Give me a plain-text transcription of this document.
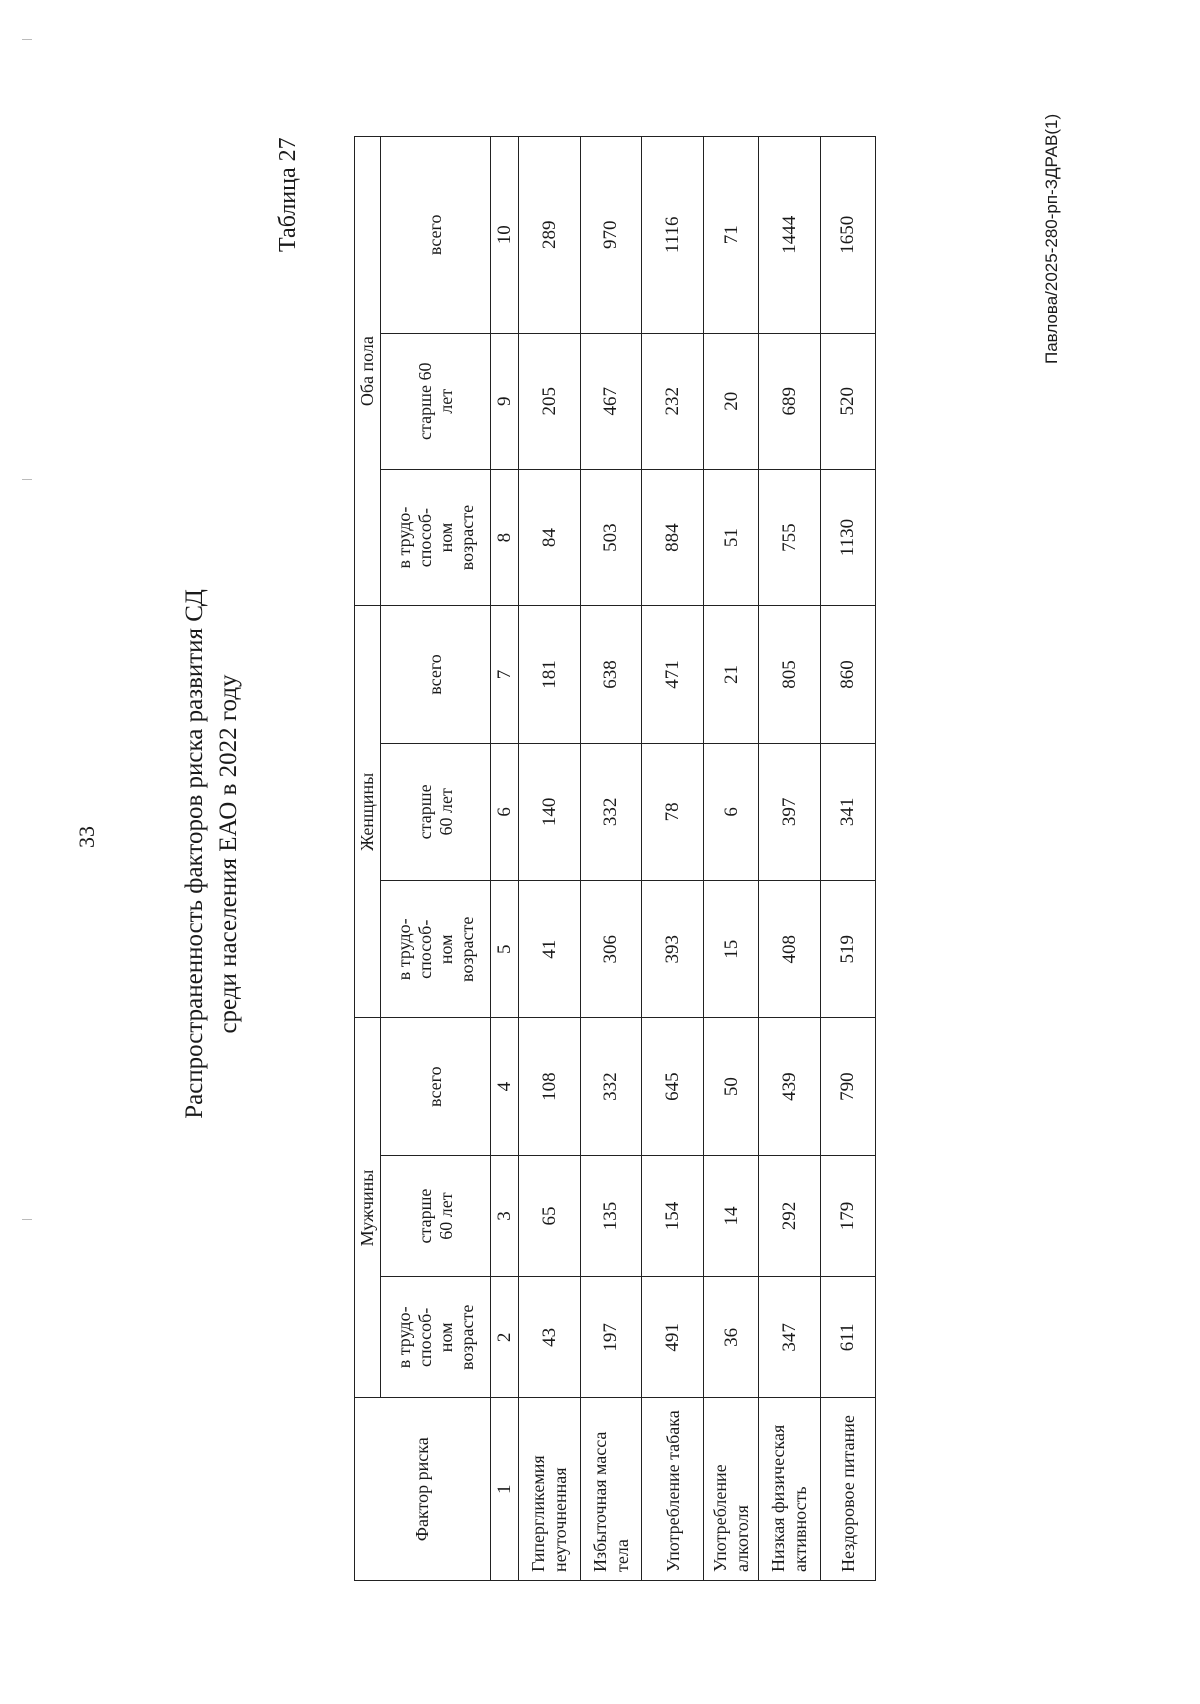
33	Распространенность факторов риска развития СД среди населения ЕАО в 2022 году
Таблица 27
Фактор риска	Мужчины			Женщины			Оба пола		

	в трудо- способ- ном возрасте	старше 60 лет	всего	в трудо- способ- ном возрасте	старше 60 лет	всего	в трудо- способ- ном возрасте	старше 60 лет	всего
1	2	3	4	5	6	7	8	9	10

Гипергликемия неуточненная	43	65	108	41	140	181	84	205	289

Избыточная масса тела	197	135	332	306	332	638	503	467	970

Употребление табака	491	154	645	393	78	471	884	232	1116

Употребление алкоголя	36	14	50	15	6	21	51	20	71

Низкая физическая активность	347	292	439	408	397	805	755	689	1444

Нездоровое питание	611	179	790	519	341	860	1130	520	1650	Павлова/2025-280-рп-ЗДРАВ(1)
